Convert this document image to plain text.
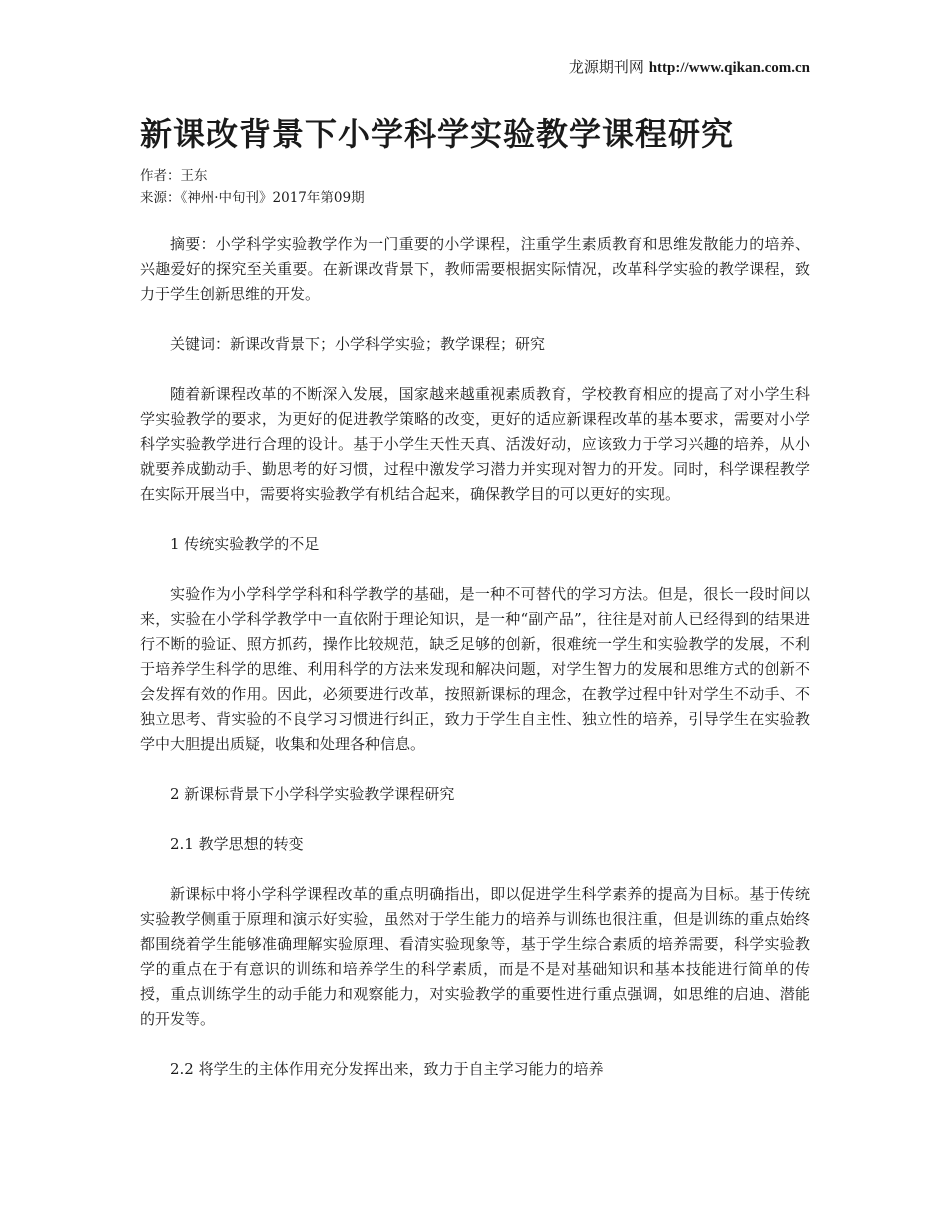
龙源期刊网 http://www.qikan.com.cn
新课改背景下小学科学实验教学课程研究
作者：王东
来源：《神州·中旬刊》2017年第09期

摘要：小学科学实验教学作为一门重要的小学课程，注重学生素质教育和思维发散能力的培养、兴趣爱好的探究至关重要。在新课改背景下，教师需要根据实际情况，改革科学实验的教学课程，致力于学生创新思维的开发。

关键词：新课改背景下；小学科学实验；教学课程；研究

随着新课程改革的不断深入发展，国家越来越重视素质教育，学校教育相应的提高了对小学生科学实验教学的要求，为更好的促进教学策略的改变，更好的适应新课程改革的基本要求，需要对小学科学实验教学进行合理的设计。基于小学生天性天真、活泼好动，应该致力于学习兴趣的培养，从小就要养成勤动手、勤思考的好习惯，过程中激发学习潜力并实现对智力的开发。同时，科学课程教学在实际开展当中，需要将实验教学有机结合起来，确保教学目的可以更好的实现。

1 传统实验教学的不足

实验作为小学科学学科和科学教学的基础，是一种不可替代的学习方法。但是，很长一段时间以来，实验在小学科学教学中一直依附于理论知识，是一种“副产品”，往往是对前人已经得到的结果进行不断的验证、照方抓药，操作比较规范，缺乏足够的创新，很难统一学生和实验教学的发展，不利于培养学生科学的思维、利用科学的方法来发现和解决问题，对学生智力的发展和思维方式的创新不会发挥有效的作用。因此，必须要进行改革，按照新课标的理念，在教学过程中针对学生不动手、不独立思考、背实验的不良学习习惯进行纠正，致力于学生自主性、独立性的培养，引导学生在实验教学中大胆提出质疑，收集和处理各种信息。

2 新课标背景下小学科学实验教学课程研究

2.1 教学思想的转变

新课标中将小学科学课程改革的重点明确指出，即以促进学生科学素养的提高为目标。基于传统实验教学侧重于原理和演示好实验，虽然对于学生能力的培养与训练也很注重，但是训练的重点始终都围绕着学生能够准确理解实验原理、看清实验现象等，基于学生综合素质的培养需要，科学实验教学的重点在于有意识的训练和培养学生的科学素质，而是不是对基础知识和基本技能进行简单的传授，重点训练学生的动手能力和观察能力，对实验教学的重要性进行重点强调，如思维的启迪、潜能的开发等。

2.2 将学生的主体作用充分发挥出来，致力于自主学习能力的培养
